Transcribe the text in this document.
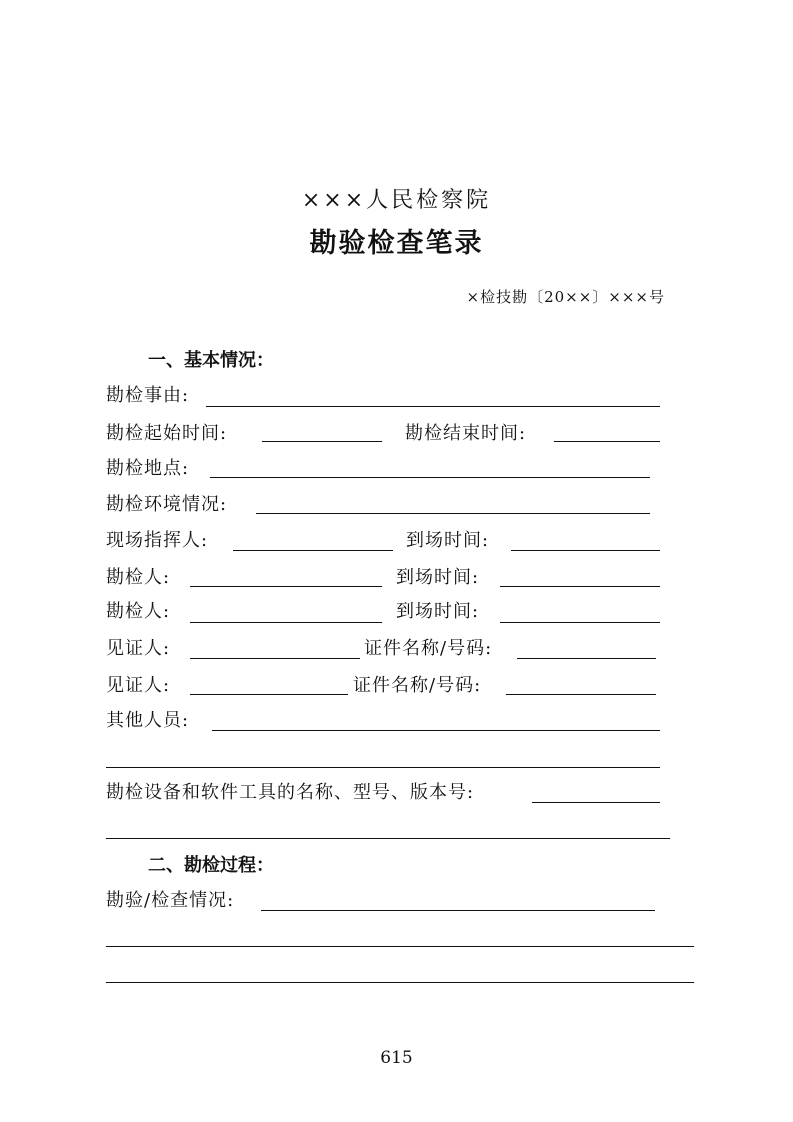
×××人民检察院
勘验检查笔录
×检技勘〔20××〕×××号
一、基本情况：
勘检事由:
勘检起始时间:	勘检结束时间:
勘检地点:
勘检环境情况:
现场指挥人:	到场时间:
勘检人:	到场时间:
勘检人:	到场时间:
见证人:	证件名称/号码:
见证人:	证件名称/号码:
其他人员:
勘检设备和软件工具的名称、型号、版本号:
二、勘检过程：
勘验/检查情况:
615
